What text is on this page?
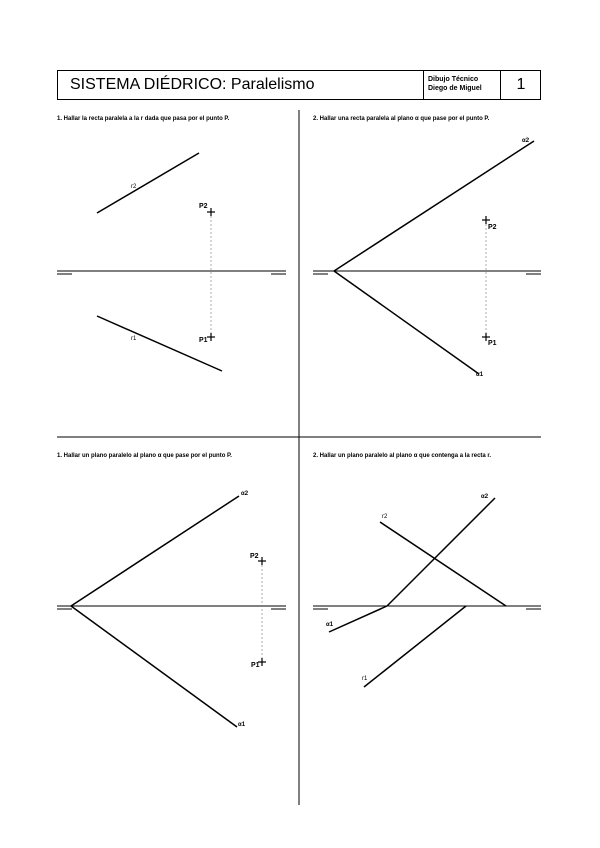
SISTEMA DIÉDRICO: Paralelismo	Dibujo Técnico
Diego de Miguel	1
1. Hallar la recta paralela a la r dada que pasa por el punto P.
r2
r1
P2
P1
2. Hallar una recta paralela al plano α que pase por el punto P.
α2
α1
P2
P1
1. Hallar un plano paralelo al plano α que pase por el punto P.
α2
α1
P2
P1
2. Hallar un plano paralelo al plano α que contenga a la recta r.
α2
α1
r2
r1
